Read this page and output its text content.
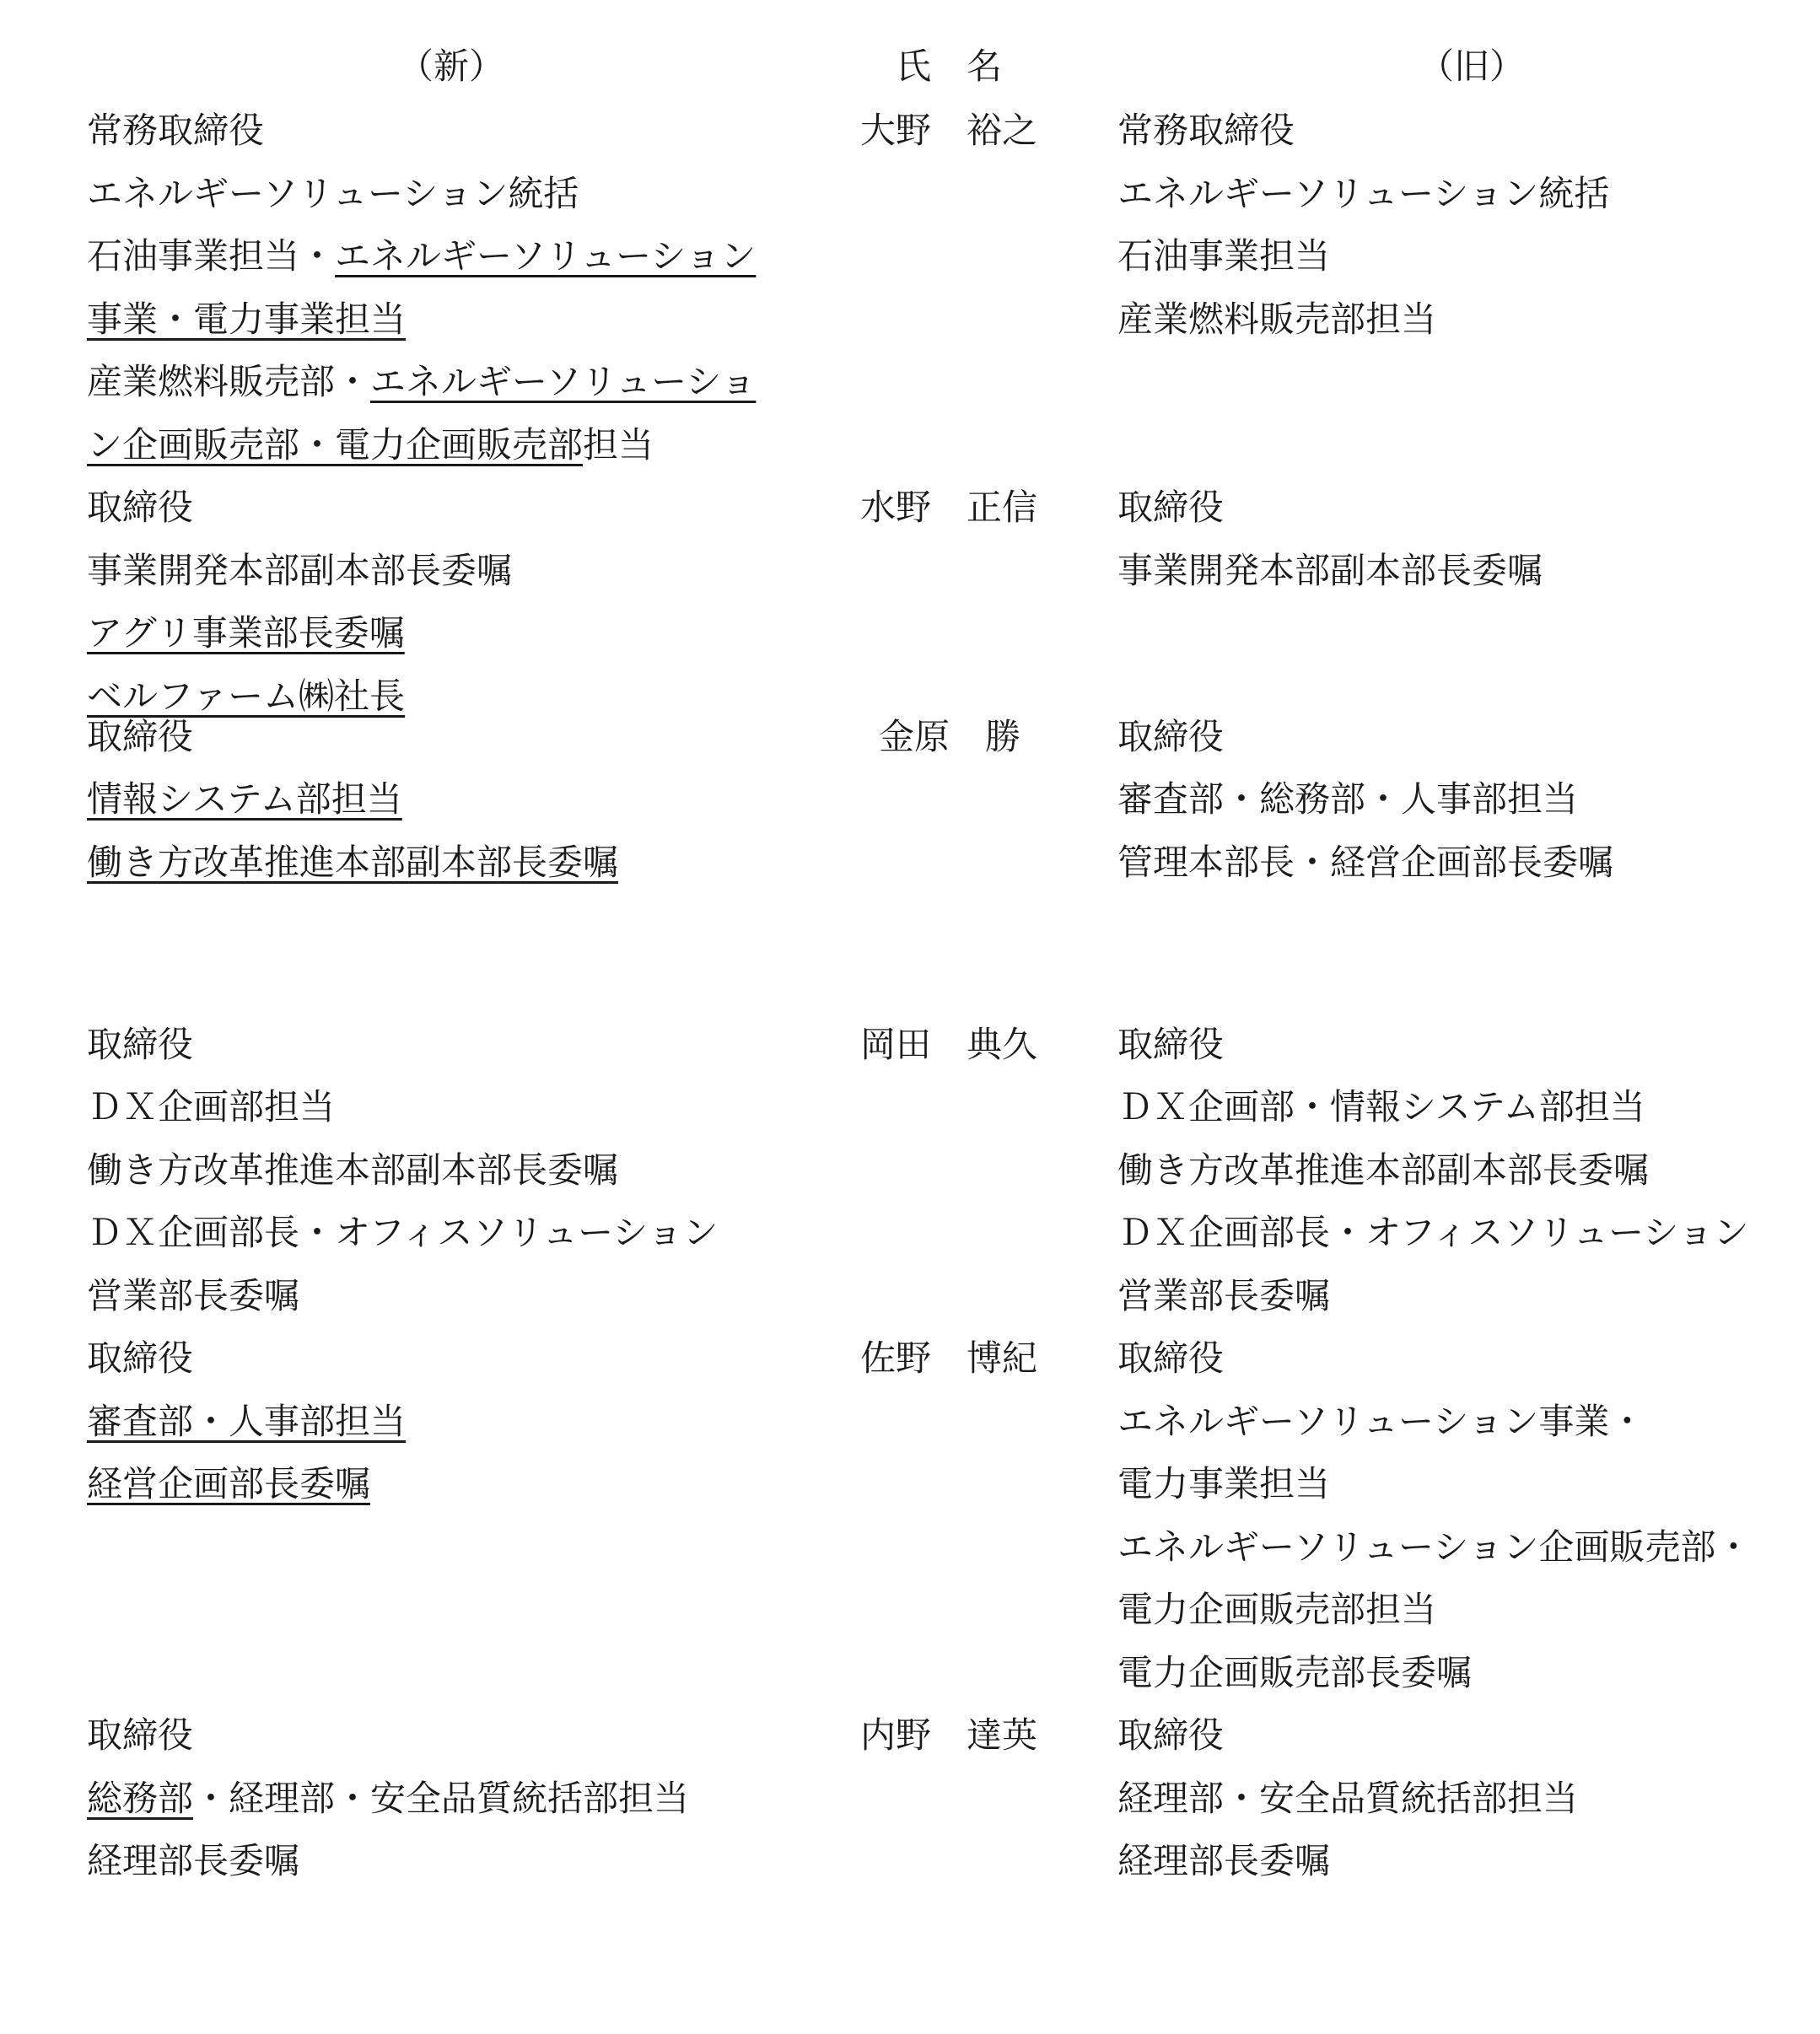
（新）	氏　名	（旧）
大野　裕之
常務取締役
エネルギーソリューション統括
石油事業担当・エネルギーソリューション
事業・電力事業担当
産業燃料販売部・エネルギーソリューショ
ン企画販売部・電力企画販売部担当
常務取締役
エネルギーソリューション統括
石油事業担当
産業燃料販売部担当
水野　正信
取締役
事業開発本部副本部長委嘱
アグリ事業部長委嘱
ベルファーム㈱社長
取締役
事業開発本部副本部長委嘱
金原　勝
取締役
情報システム部担当
働き方改革推進本部副本部長委嘱
取締役
審査部・総務部・人事部担当
管理本部長・経営企画部長委嘱
岡田　典久
取締役
ＤＸ企画部担当
働き方改革推進本部副本部長委嘱
ＤＸ企画部長・オフィスソリューション
営業部長委嘱
取締役
ＤＸ企画部・情報システム部担当
働き方改革推進本部副本部長委嘱
ＤＸ企画部長・オフィスソリューション
営業部長委嘱
佐野　博紀
取締役
審査部・人事部担当
経営企画部長委嘱
取締役
エネルギーソリューション事業・
電力事業担当
エネルギーソリューション企画販売部・
電力企画販売部担当
電力企画販売部長委嘱
内野　達英
取締役
総務部・経理部・安全品質統括部担当
経理部長委嘱
取締役
経理部・安全品質統括部担当
経理部長委嘱
